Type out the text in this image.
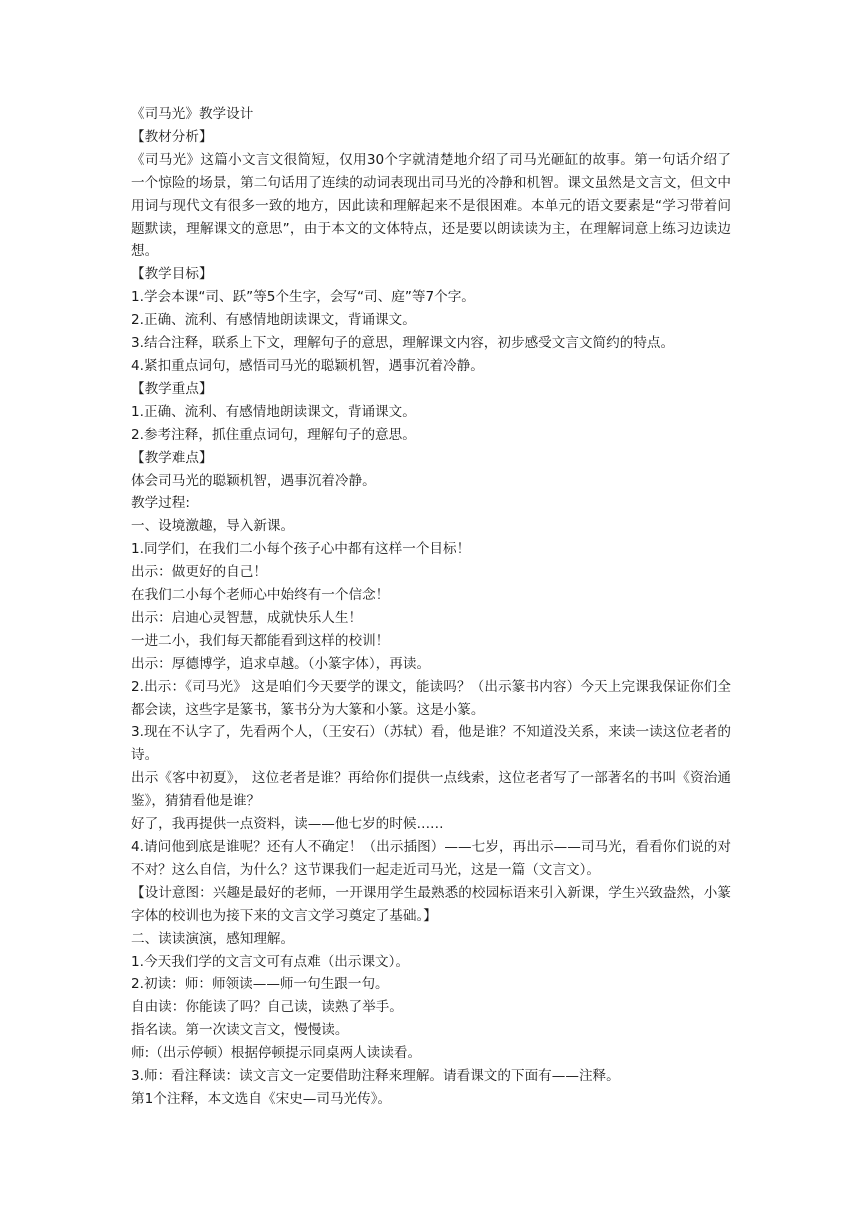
《司马光》教学设计
【教材分析】
《司马光》这篇小文言文很简短，仅用30个字就清楚地介绍了司马光砸缸的故事。第一句话介绍了一个惊险的场景，第二句话用了连续的动词表现出司马光的冷静和机智。课文虽然是文言文，但文中用词与现代文有很多一致的地方，因此读和理解起来不是很困难。本单元的语文要素是“学习带着问题默读，理解课文的意思”，由于本文的文体特点，还是要以朗读读为主，在理解词意上练习边读边想。
【教学目标】
1.学会本课“司、跃”等5个生字，会写“司、庭”等7个字。
2.正确、流利、有感情地朗读课文，背诵课文。
3.结合注释，联系上下文，理解句子的意思，理解课文内容，初步感受文言文简约的特点。
4.紧扣重点词句，感悟司马光的聪颖机智，遇事沉着冷静。
【教学重点】
1.正确、流利、有感情地朗读课文，背诵课文。
2.参考注释，抓住重点词句，理解句子的意思。
【教学难点】
体会司马光的聪颖机智，遇事沉着冷静。
教学过程:
一、设境激趣，导入新课。
1.同学们，在我们二小每个孩子心中都有这样一个目标！
出示：做更好的自己！
在我们二小每个老师心中始终有一个信念！
出示：启迪心灵智慧，成就快乐人生！
一进二小，我们每天都能看到这样的校训！
出示：厚德博学，追求卓越。（小篆字体），再读。
2.出示：《司马光》 这是咱们今天要学的课文，能读吗？（出示篆书内容）今天上完课我保证你们全都会读，这些字是篆书，篆书分为大篆和小篆。这是小篆。
3.现在不认字了，先看两个人，（王安石）（苏轼）看，他是谁？不知道没关系，来读一读这位老者的诗。
出示《客中初夏》， 这位老者是谁？再给你们提供一点线索，这位老者写了一部著名的书叫《资治通鉴》，猜猜看他是谁？
好了，我再提供一点资料，读——他七岁的时候……
4.请问他到底是谁呢？还有人不确定！（出示插图）——七岁，再出示——司马光，看看你们说的对不对？这么自信，为什么？这节课我们一起走近司马光，这是一篇（文言文）。
【设计意图：兴趣是最好的老师，一开课用学生最熟悉的校园标语来引入新课，学生兴致盎然，小篆字体的校训也为接下来的文言文学习奠定了基础。】
二、读读演演，感知理解。
1.今天我们学的文言文可有点难（出示课文）。
2.初读：师：师领读——师一句生跟一句。
自由读：你能读了吗？自己读，读熟了举手。
指名读。第一次读文言文，慢慢读。
师:（出示停顿）根据停顿提示同桌两人读读看。
3.师：看注释读：读文言文一定要借助注释来理解。请看课文的下面有——注释。
第1个注释，本文选自《宋史—司马光传》。
